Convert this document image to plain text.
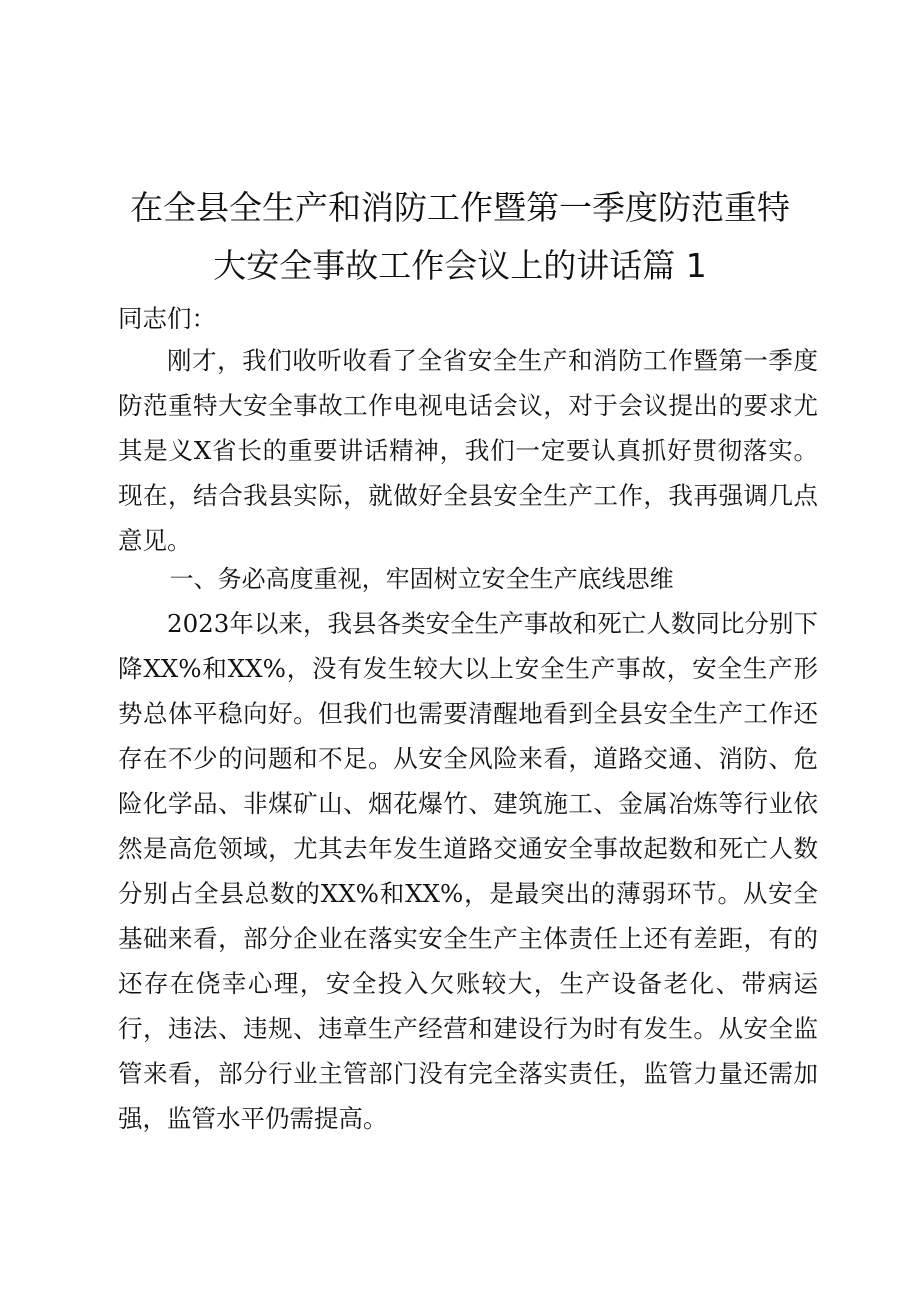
在全县全生产和消防工作暨第一季度防范重特
大安全事故工作会议上的讲话篇 1
同志们：

刚才，我们收听收看了全省安全生产和消防工作暨第一季度防范重特大安全事故工作电视电话会议，对于会议提出的要求尤其是义X省长的重要讲话精神，我们一定要认真抓好贯彻落实。现在，结合我县实际，就做好全县安全生产工作，我再强调几点意见。

一、务必高度重视，牢固树立安全生产底线思维

2023年以来，我县各类安全生产事故和死亡人数同比分别下降XX%和XX%，没有发生较大以上安全生产事故，安全生产形势总体平稳向好。但我们也需要清醒地看到全县安全生产工作还存在不少的问题和不足。从安全风险来看，道路交通、消防、危险化学品、非煤矿山、烟花爆竹、建筑施工、金属冶炼等行业依然是高危领域，尤其去年发生道路交通安全事故起数和死亡人数分别占全县总数的XX%和XX%，是最突出的薄弱环节。从安全基础来看，部分企业在落实安全生产主体责任上还有差距，有的还存在侥幸心理，安全投入欠账较大，生产设备老化、带病运行，违法、违规、违章生产经营和建设行为时有发生。从安全监管来看，部分行业主管部门没有完全落实责任，监管力量还需加强，监管水平仍需提高。
